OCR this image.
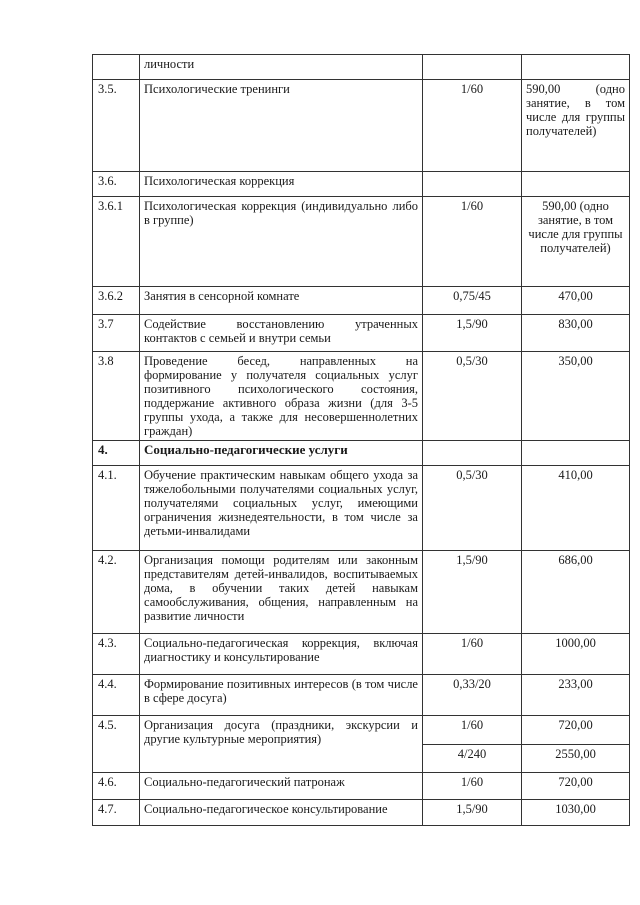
	личности		
3.5.	Психологические тренинги	1/60	590,00 (одно занятие, в том числе для группы получателей)
3.6.	Психологическая коррекция		
3.6.1	Психологическая коррекция (индивидуально либо в группе)	1/60	590,00 (одно занятие, в том числе для группы получателей)
3.6.2	Занятия в сенсорной комнате	0,75/45	470,00
3.7	Содействие восстановлению утраченных контактов с семьей и внутри семьи	1,5/90	830,00
3.8	Проведение бесед, направленных на формирование у получателя социальных услуг позитивного психологического состояния, поддержание активного образа жизни (для 3-5 группы ухода, а также для несовершеннолетних граждан)	0,5/30	350,00
4.	Социально-педагогические услуги		
4.1.	Обучение практическим навыкам общего ухода за тяжелобольными получателями социальных услуг, получателями социальных услуг, имеющими ограничения жизнедеятельности, в том числе за детьми-инвалидами	0,5/30	410,00
4.2.	Организация помощи родителям или законным представителям детей-инвалидов, воспитываемых дома, в обучении таких детей навыкам самообслуживания, общения, направленным на развитие личности	1,5/90	686,00
4.3.	Социально-педагогическая коррекция, включая диагностику и консультирование	1/60	1000,00
4.4.	Формирование позитивных интересов (в том числе в сфере досуга)	0,33/20	233,00
4.5.	Организация досуга (праздники, экскурсии и другие культурные мероприятия)	1/60	720,00
		4/240	2550,00
4.6.	Социально-педагогический патронаж	1/60	720,00
4.7.	Социально-педагогическое консультирование	1,5/90	1030,00
